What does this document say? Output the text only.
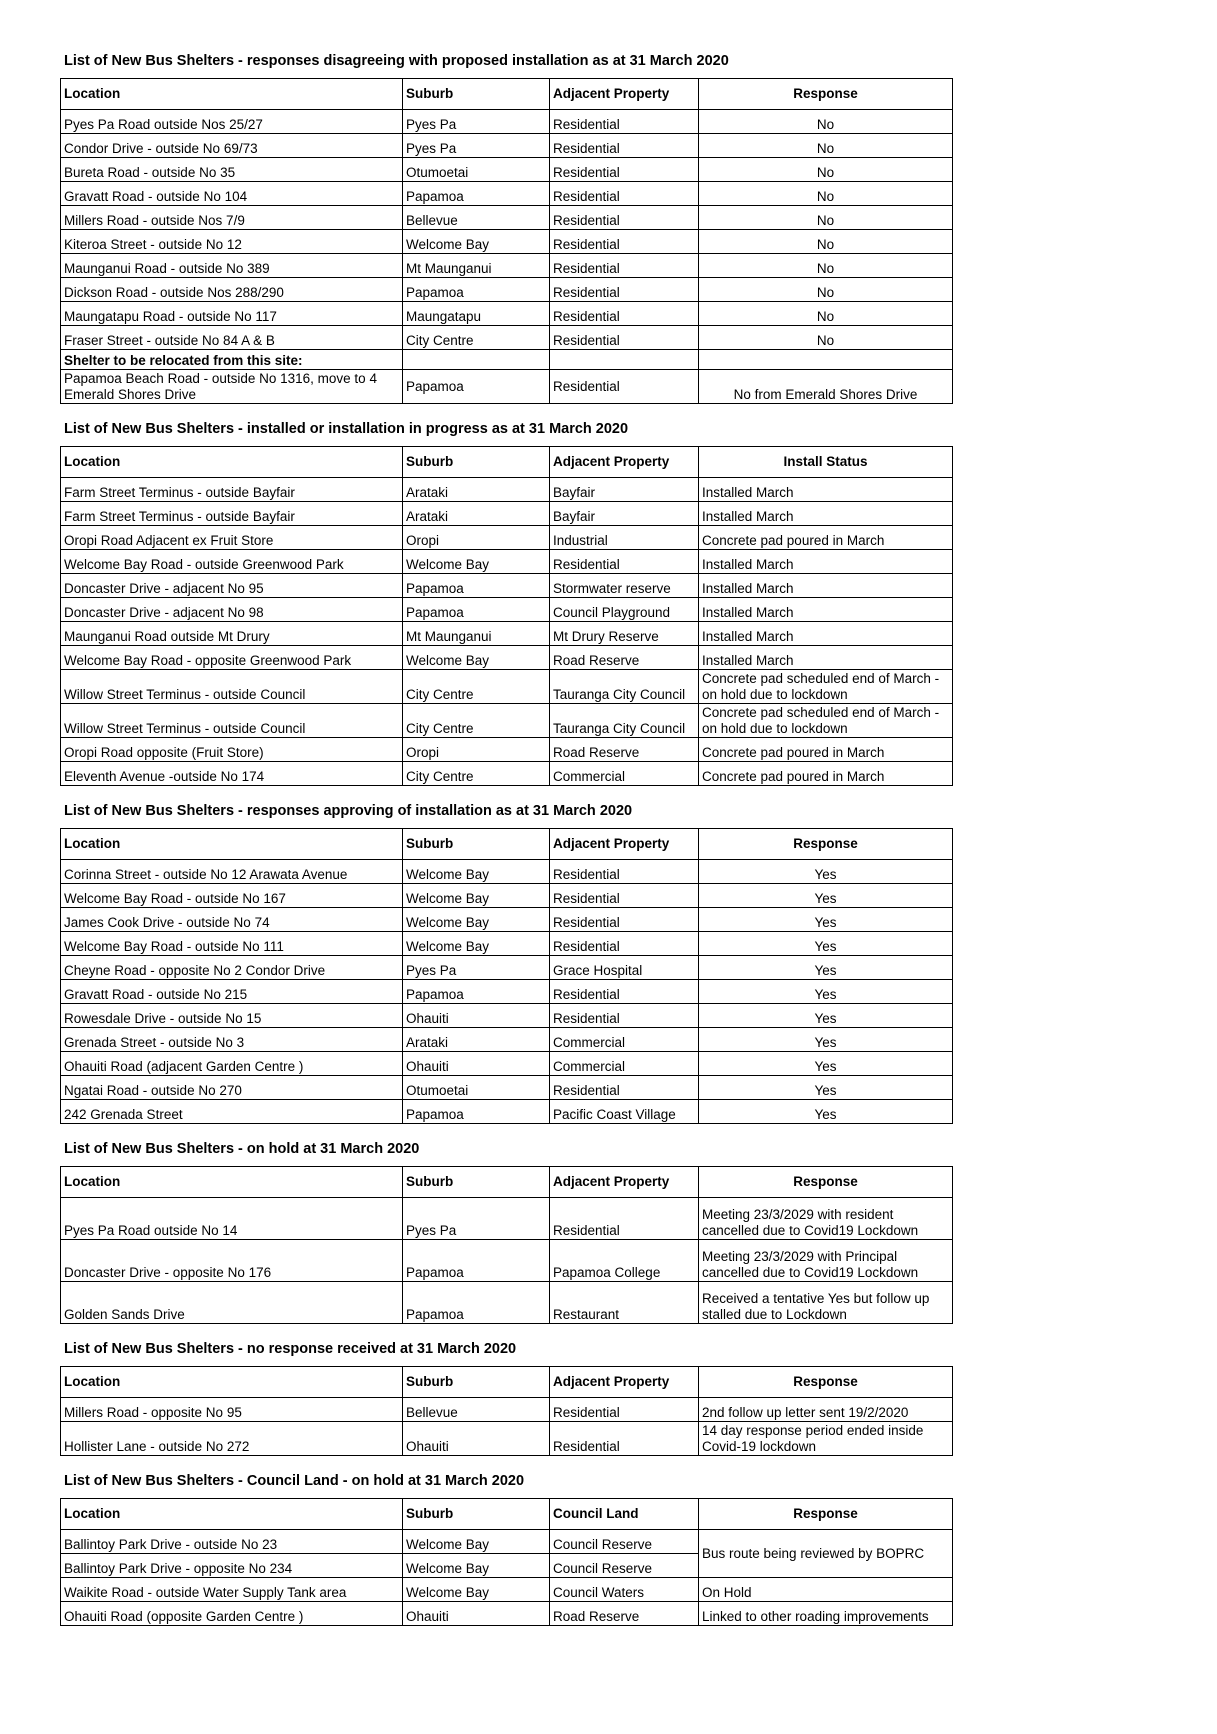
List of New Bus Shelters - responses disagreeing with proposed installation as at 31 March 2020

Location	Suburb	Adjacent Property	Response
Pyes Pa Road outside Nos 25/27	Pyes Pa	Residential	No
Condor Drive - outside No 69/73	Pyes Pa	Residential	No
Bureta Road - outside No 35	Otumoetai	Residential	No
Gravatt Road - outside No 104	Papamoa	Residential	No
Millers Road - outside Nos 7/9	Bellevue	Residential	No
Kiteroa Street - outside No 12	Welcome Bay	Residential	No
Maunganui Road - outside No 389	Mt Maunganui	Residential	No
Dickson Road - outside Nos 288/290	Papamoa	Residential	No
Maungatapu Road - outside No 117	Maungatapu	Residential	No
Fraser Street - outside No 84 A & B	City Centre	Residential	No
Shelter to be relocated from this site:			
Papamoa Beach Road - outside No 1316, move to 4 Emerald Shores Drive	Papamoa	Residential	No from Emerald Shores Drive

List of New Bus Shelters - installed or installation in progress as at 31 March 2020

Location	Suburb	Adjacent Property	Install Status
Farm Street Terminus - outside Bayfair	Arataki	Bayfair	Installed March
Farm Street Terminus - outside Bayfair	Arataki	Bayfair	Installed March
Oropi Road Adjacent ex Fruit Store	Oropi	Industrial	Concrete pad poured in March
Welcome Bay Road - outside Greenwood Park	Welcome Bay	Residential	Installed March
Doncaster Drive - adjacent No 95	Papamoa	Stormwater reserve	Installed March
Doncaster Drive - adjacent No 98	Papamoa	Council Playground	Installed March
Maunganui Road outside Mt Drury	Mt Maunganui	Mt Drury Reserve	Installed March
Welcome Bay Road - opposite Greenwood Park	Welcome Bay	Road Reserve	Installed March
Willow Street Terminus - outside Council	City Centre	Tauranga City Council	Concrete pad scheduled end of March - on hold due to lockdown
Willow Street Terminus - outside Council	City Centre	Tauranga City Council	Concrete pad scheduled end of March - on hold due to lockdown
Oropi Road opposite (Fruit Store)	Oropi	Road Reserve	Concrete pad poured in March
Eleventh Avenue -outside No 174	City Centre	Commercial	Concrete pad poured in March

List of New Bus Shelters - responses approving of installation as at 31 March 2020

Location	Suburb	Adjacent Property	Response
Corinna Street - outside No 12 Arawata Avenue	Welcome Bay	Residential	Yes
Welcome Bay Road - outside No 167	Welcome Bay	Residential	Yes
James Cook Drive - outside No 74	Welcome Bay	Residential	Yes
Welcome Bay Road - outside No 111	Welcome Bay	Residential	Yes
Cheyne Road - opposite No 2 Condor Drive	Pyes Pa	Grace Hospital	Yes
Gravatt Road - outside No 215	Papamoa	Residential	Yes
Rowesdale Drive - outside No 15	Ohauiti	Residential	Yes
Grenada Street - outside No 3	Arataki	Commercial	Yes
Ohauiti Road (adjacent Garden Centre )	Ohauiti	Commercial	Yes
Ngatai Road - outside No 270	Otumoetai	Residential	Yes
242 Grenada Street	Papamoa	Pacific Coast Village	Yes

List of New Bus Shelters - on hold at 31 March 2020

Location	Suburb	Adjacent Property	Response
Pyes Pa Road outside No 14	Pyes Pa	Residential	Meeting 23/3/2029 with resident cancelled due to Covid19 Lockdown
Doncaster Drive - opposite No 176	Papamoa	Papamoa College	Meeting 23/3/2029 with Principal cancelled due to Covid19 Lockdown
Golden Sands Drive	Papamoa	Restaurant	Received a tentative Yes but follow up stalled due to Lockdown

List of New Bus Shelters - no response received at 31 March 2020

Location	Suburb	Adjacent Property	Response
Millers Road - opposite No 95	Bellevue	Residential	2nd follow up letter sent 19/2/2020
Hollister Lane - outside No 272	Ohauiti	Residential	14 day response period ended inside Covid-19 lockdown

List of New Bus Shelters - Council Land - on hold at 31 March 2020

Location	Suburb	Council Land	Response
Ballintoy Park Drive - outside No 23	Welcome Bay	Council Reserve	Bus route being reviewed by BOPRC
Ballintoy Park Drive - opposite No 234	Welcome Bay	Council Reserve	
Waikite Road - outside Water Supply Tank area	Welcome Bay	Council Waters	On Hold
Ohauiti Road (opposite Garden Centre )	Ohauiti	Road Reserve	Linked to other roading improvements
